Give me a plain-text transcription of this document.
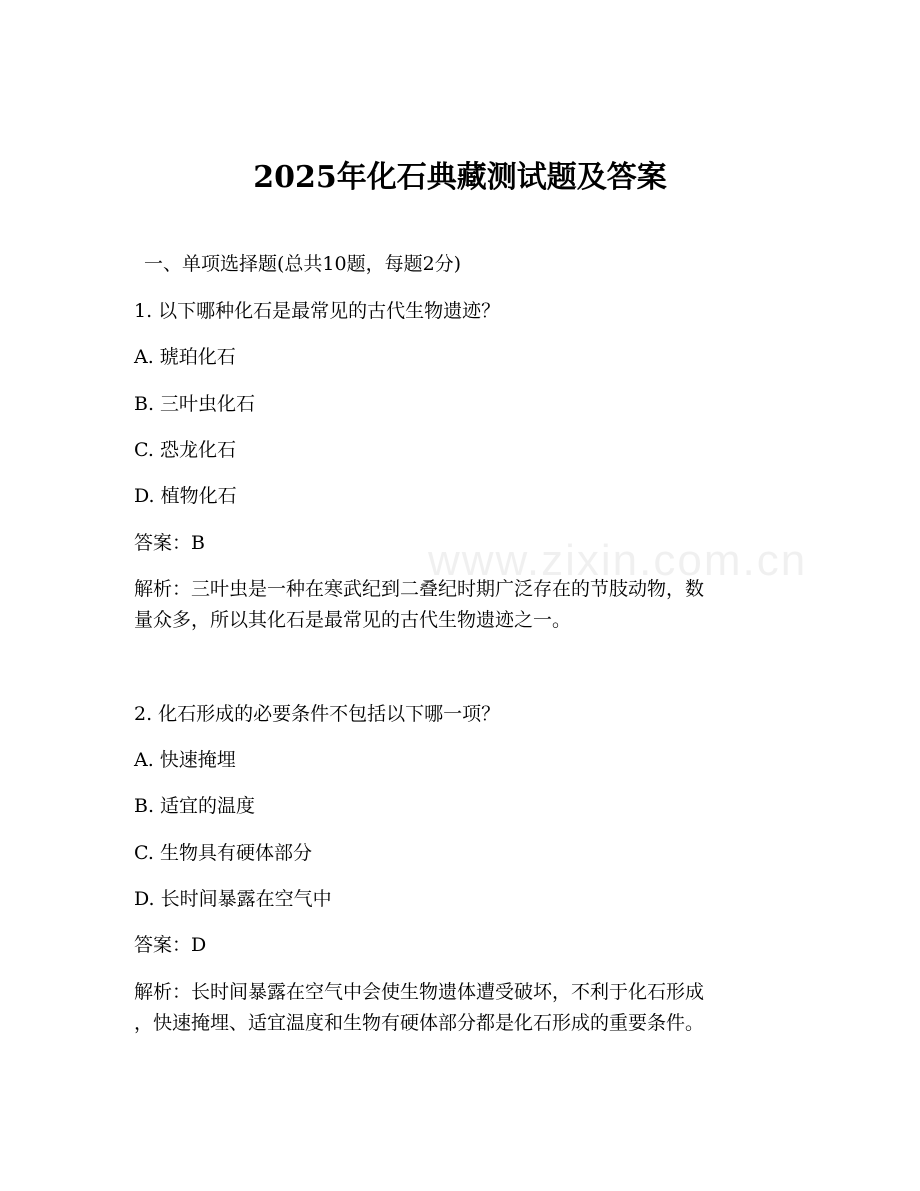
www.zixin.com.cn
2025年化石典藏测试题及答案
一、单项选择题(总共10题，每题2分)
1. 以下哪种化石是最常见的古代生物遗迹？
A. 琥珀化石
B. 三叶虫化石
C. 恐龙化石
D. 植物化石
答案：B
解析：三叶虫是一种在寒武纪到二叠纪时期广泛存在的节肢动物，数
量众多，所以其化石是最常见的古代生物遗迹之一。
2. 化石形成的必要条件不包括以下哪一项？
A. 快速掩埋
B. 适宜的温度
C. 生物具有硬体部分
D. 长时间暴露在空气中
答案：D
解析：长时间暴露在空气中会使生物遗体遭受破坏，不利于化石形成
，快速掩埋、适宜温度和生物有硬体部分都是化石形成的重要条件。
